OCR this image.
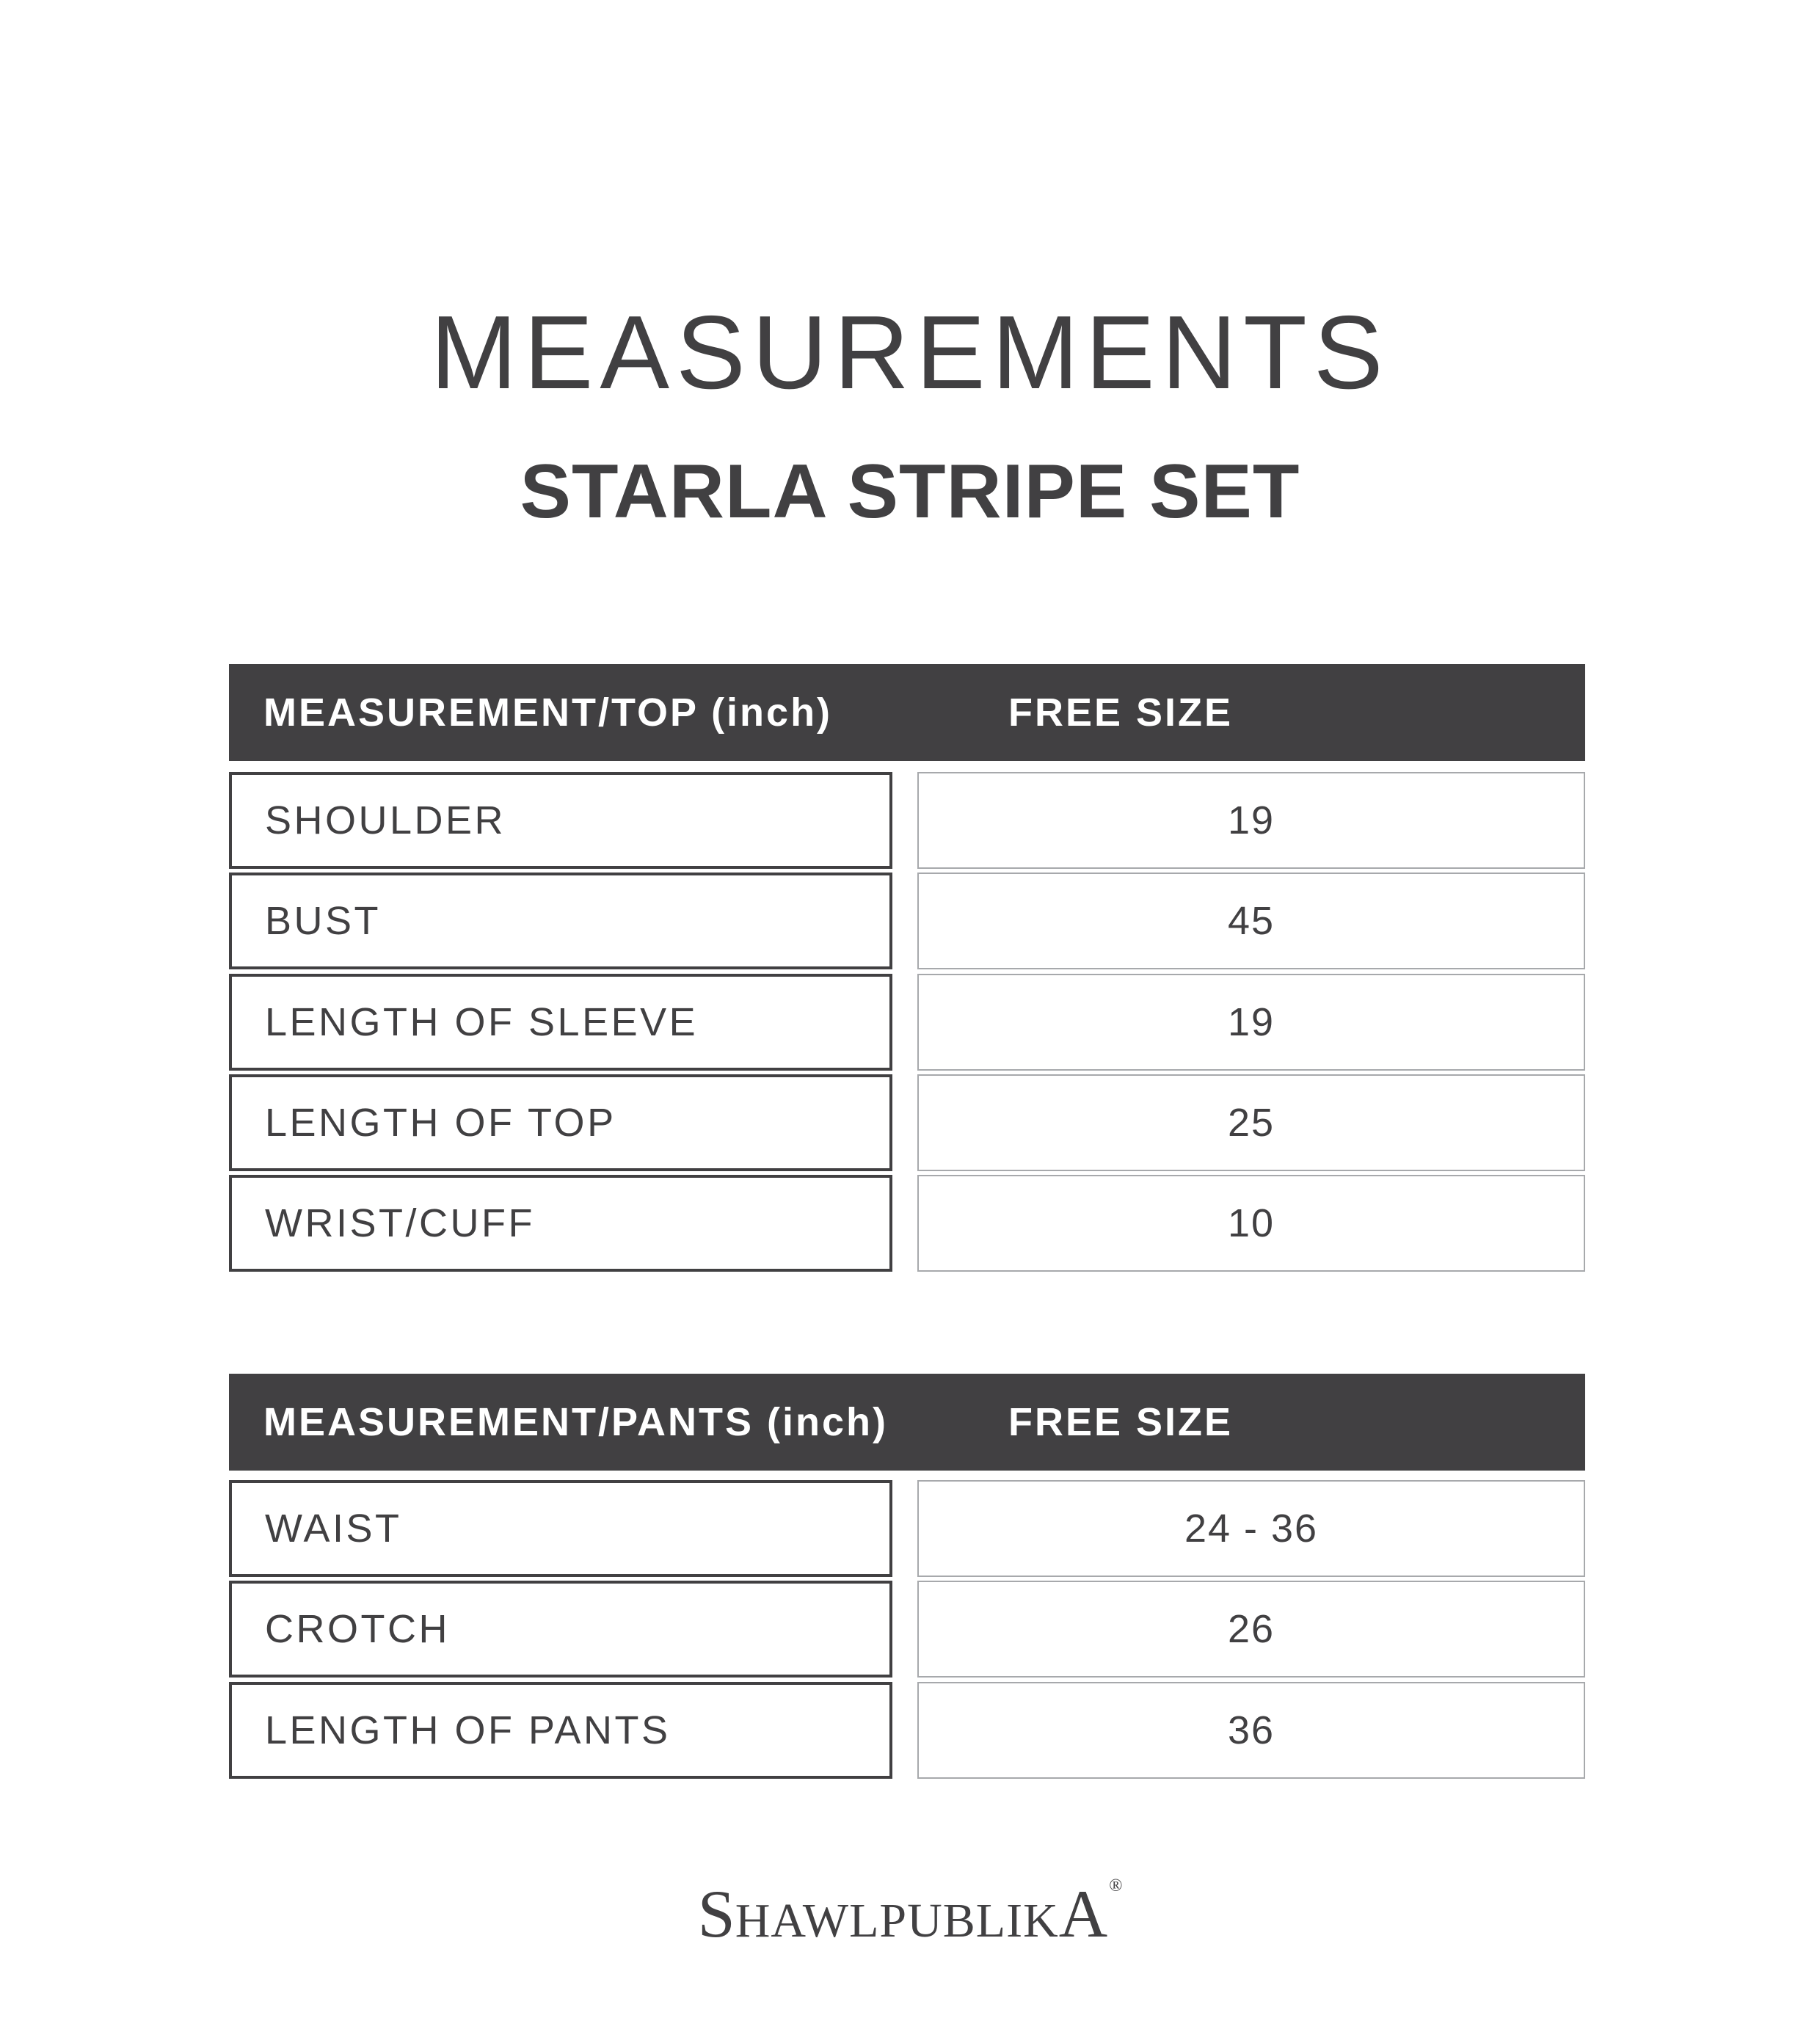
MEASUREMENTS
STARLA STRIPE SET
MEASUREMENT/TOP (inch)	FREE SIZE
SHOULDER	19
BUST	45
LENGTH OF SLEEVE	19
LENGTH OF TOP	25
WRIST/CUFF	10
MEASUREMENT/PANTS (inch)	FREE SIZE
WAIST	24 - 36
CROTCH	26
LENGTH OF PANTS	36
SHAWLPUBLIKA®
